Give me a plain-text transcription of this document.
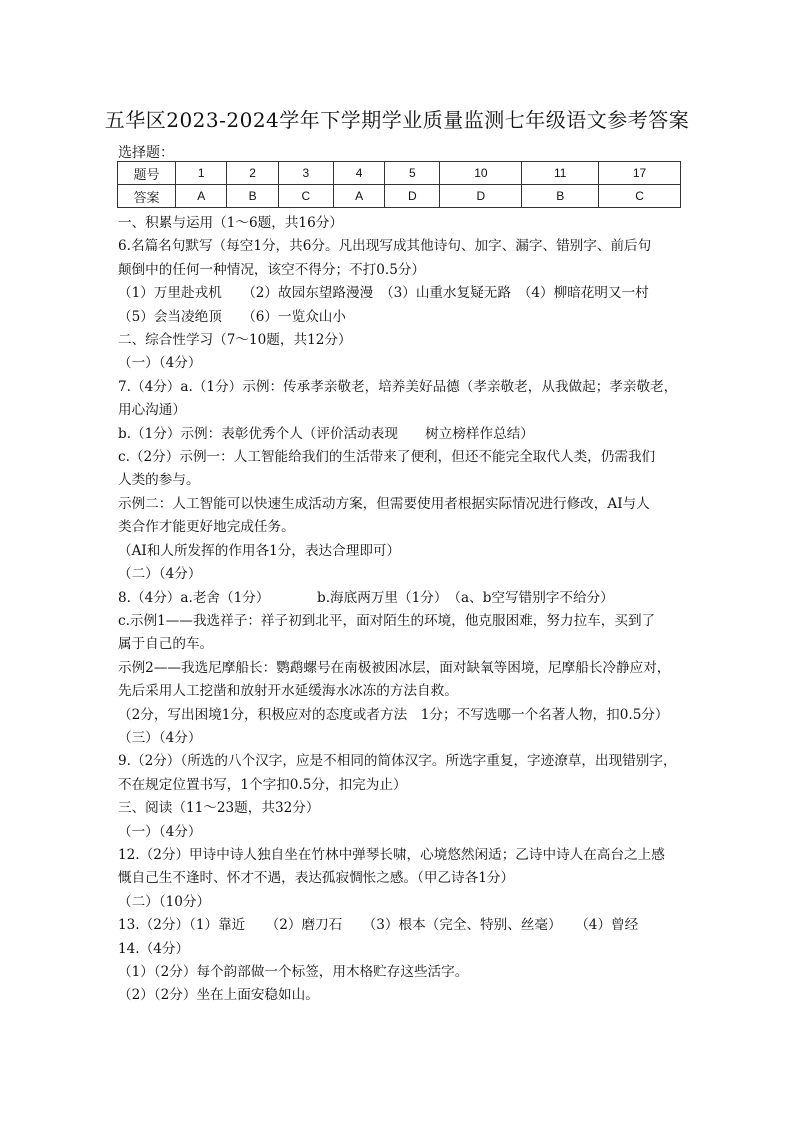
五华区2023-2024学年下学期学业质量监测七年级语文参考答案
选择题：
题号	1	2	3	4	5	10	11	17
答案	A	B	C	A	D	D	B	C

一、积累与运用（1～6题，共16分）

6.名篇名句默写（每空1分，共6分。凡出现写成其他诗句、加字、漏字、错别字、前后句

颠倒中的任何一种情况，该空不得分；不打0.5分）

（1）万里赴戎机　　（2）故园东望路漫漫　（3）山重水复疑无路　（4）柳暗花明又一村

（5）会当凌绝顶　　（6）一览众山小

二、综合性学习（7～10题，共12分）

（一）（4分）

7.（4分）a.（1分）示例：传承孝亲敬老，培养美好品德（孝亲敬老，从我做起；孝亲敬老，

用心沟通）

b.（1分）示例：表彰优秀个人（评价活动表现　　树立榜样作总结）

c.（2分）示例一：人工智能给我们的生活带来了便利，但还不能完全取代人类，仍需我们

人类的参与。

示例二：人工智能可以快速生成活动方案，但需要使用者根据实际情况进行修改，AI与人

类合作才能更好地完成任务。

（AI和人所发挥的作用各1分，表达合理即可）

（二）（4分）

8.（4分）a.老舍（1分）　　　　b.海底两万里（1分）　（a、b空写错别字不给分）

c.示例1——我选祥子：祥子初到北平，面对陌生的环境，他克服困难，努力拉车，买到了

属于自己的车。

示例2——我选尼摩船长：鹦鹉螺号在南极被困冰层，面对缺氧等困境，尼摩船长冷静应对，

先后采用人工挖凿和放射开水延缓海水冰冻的方法自救。

（2分，写出困境1分，积极应对的态度或者方法　1分；不写选哪一个名著人物，扣0.5分）

（三）（4分）

9.（2分）（所选的八个汉字，应是不相同的简体汉字。所选字重复，字迹潦草，出现错别字，

不在规定位置书写，1个字扣0.5分，扣完为止）

三、阅读（11～23题，共32分）

（一）（4分）

12.（2分）甲诗中诗人独自坐在竹林中弹琴长啸，心境悠然闲适；乙诗中诗人在高台之上感

慨自己生不逢时、怀才不遇，表达孤寂惆怅之感。（甲乙诗各1分）

（二）（10分）

13.（2分）（1）靠近　　（2）磨刀石　　（3）根本（完全、特别、丝毫）　　（4）曾经

14.（4分）

（1）（2分）每个韵部做一个标签，用木格贮存这些活字。

（2）（2分）坐在上面安稳如山。
